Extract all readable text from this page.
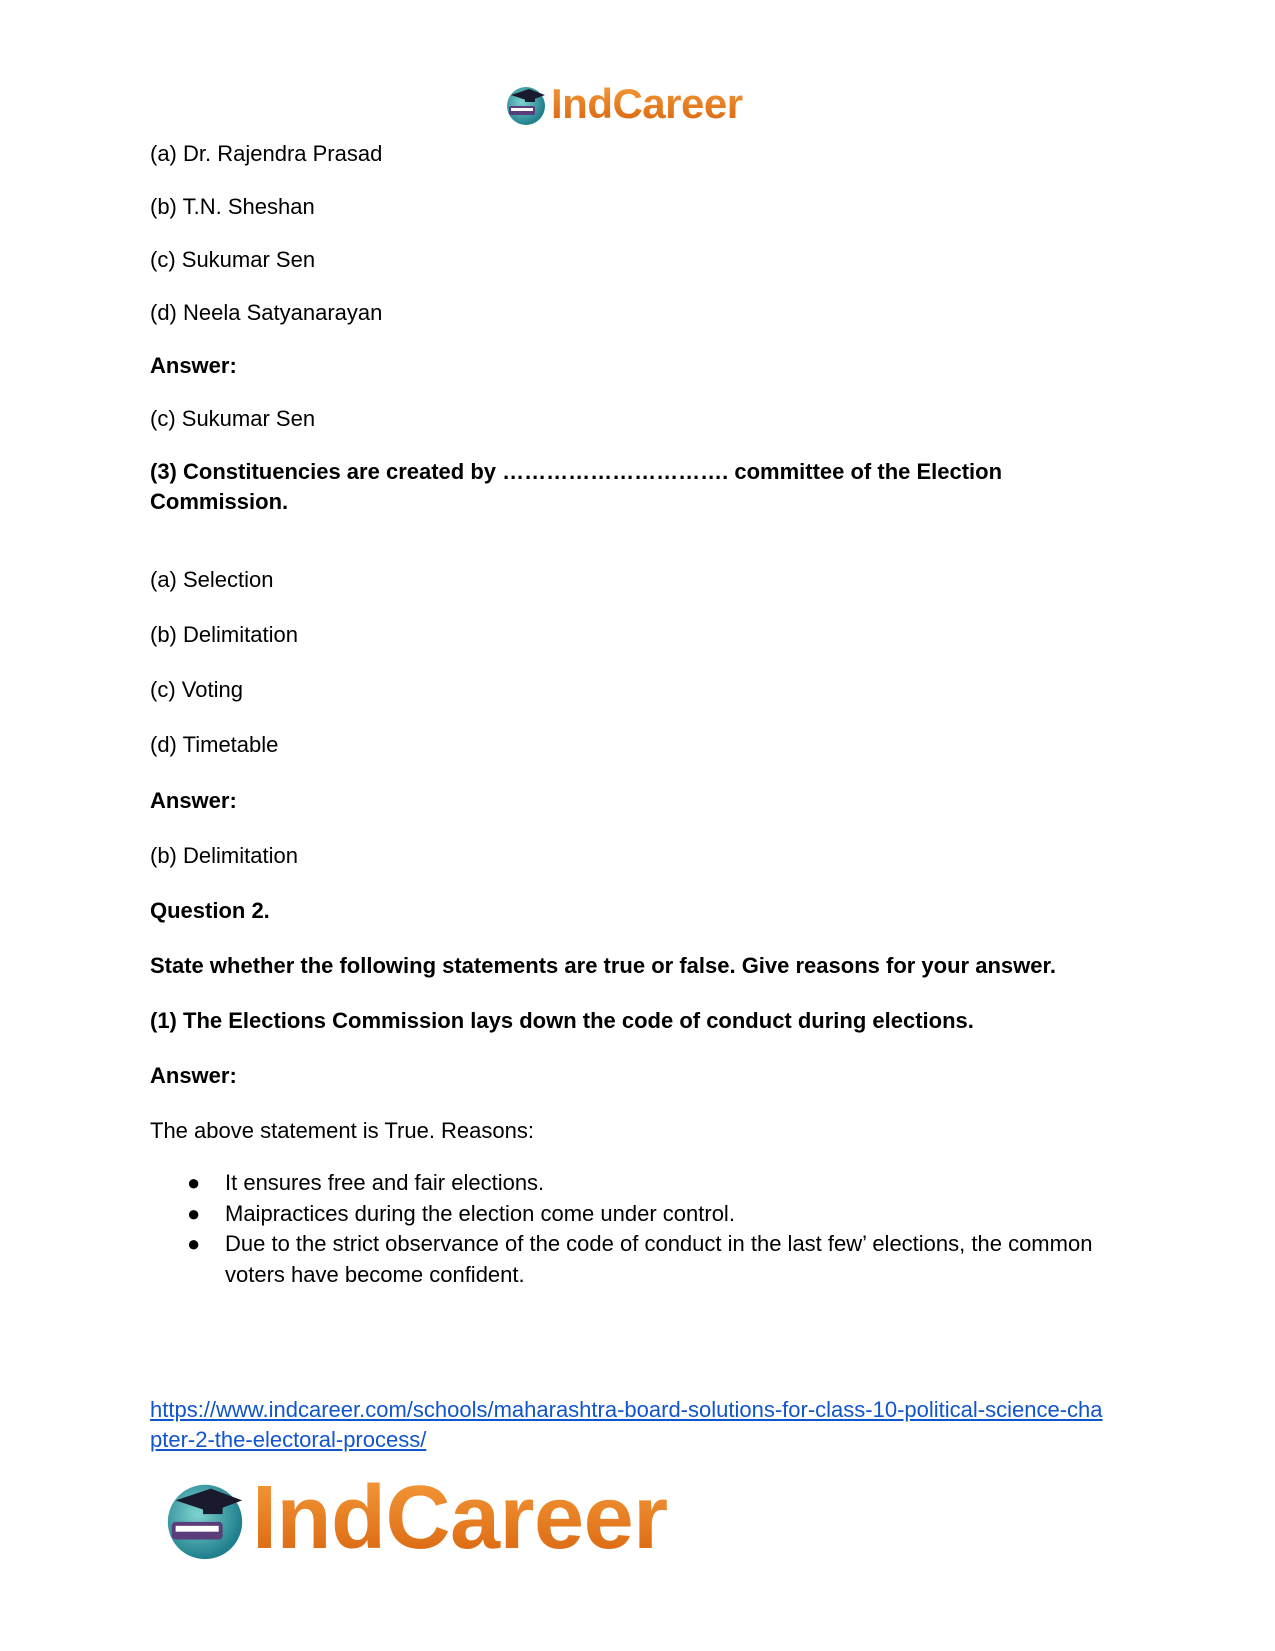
IndCareer
(a) Dr. Rajendra Prasad
(b) T.N. Sheshan
(c) Sukumar Sen
(d) Neela Satyanarayan
Answer:
(c) Sukumar Sen
(3) Constituencies are created by …………………………. committee of the Election Commission.
(a) Selection
(b) Delimitation
(c) Voting
(d) Timetable
Answer:
(b) Delimitation
Question 2.
State whether the following statements are true or false. Give reasons for your answer.
(1) The Elections Commission lays down the code of conduct during elections.
Answer:
The above statement is True. Reasons:
● It ensures free and fair elections.
● Maipractices during the election come under control.
● Due to the strict observance of the code of conduct in the last few’ elections, the common voters have become confident.
https://www.indcareer.com/schools/maharashtra-board-solutions-for-class-10-political-science-chapter-2-the-electoral-process/
IndCareer
